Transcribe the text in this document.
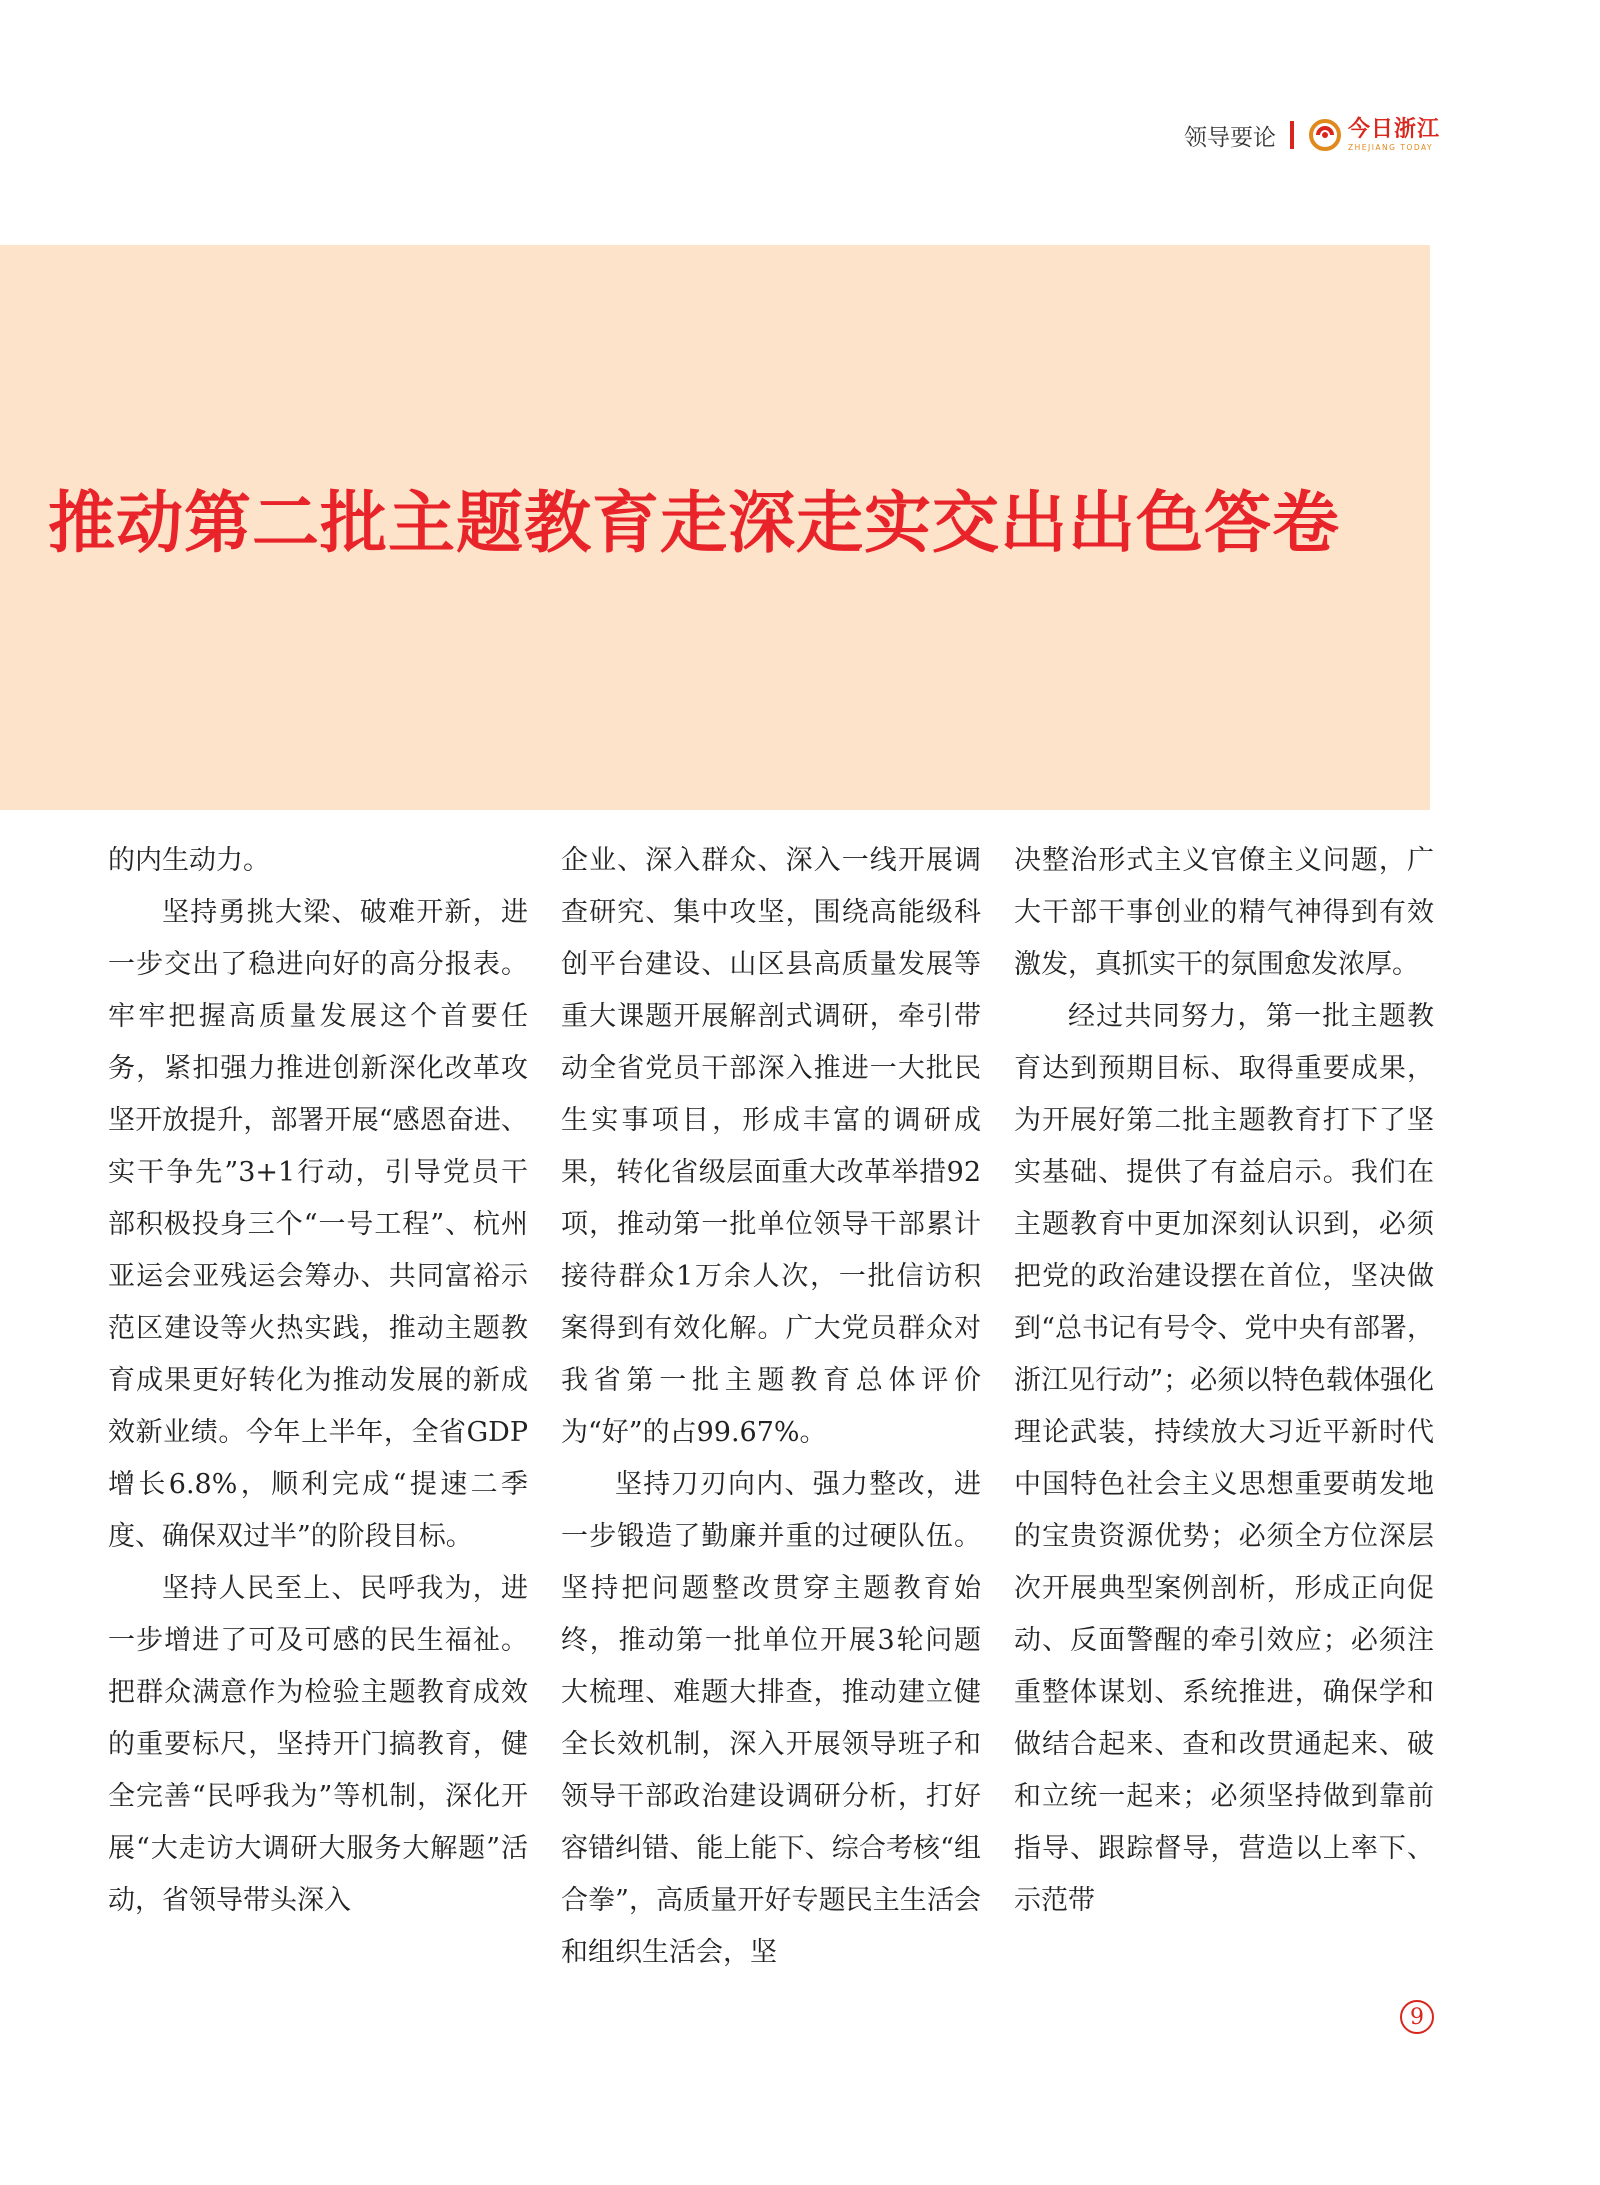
领导要论	今日浙江
ZHEJIANG TODAY
推动第二批主题教育走深走实交出出色答卷

的内生动力。

坚持勇挑大梁、破难开新，进一步交出了稳进向好的高分报表。牢牢把握高质量发展这个首要任务，紧扣强力推进创新深化改革攻坚开放提升，部署开展“感恩奋进、实干争先”3+1行动，引导党员干部积极投身三个“一号工程”、杭州亚运会亚残运会筹办、共同富裕示范区建设等火热实践，推动主题教育成果更好转化为推动发展的新成效新业绩。今年上半年，全省GDP增长6.8%，顺利完成“提速二季度、确保双过半”的阶段目标。

坚持人民至上、民呼我为，进一步增进了可及可感的民生福祉。把群众满意作为检验主题教育成效的重要标尺，坚持开门搞教育，健全完善“民呼我为”等机制，深化开展“大走访大调研大服务大解题”活动，省领导带头深入

企业、深入群众、深入一线开展调查研究、集中攻坚，围绕高能级科创平台建设、山区县高质量发展等重大课题开展解剖式调研，牵引带动全省党员干部深入推进一大批民生实事项目，形成丰富的调研成果，转化省级层面重大改革举措92项，推动第一批单位领导干部累计接待群众1万余人次，一批信访积案得到有效化解。广大党员群众对我省第一批主题教育总体评价为“好”的占99.67%。

坚持刀刃向内、强力整改，进一步锻造了勤廉并重的过硬队伍。坚持把问题整改贯穿主题教育始终，推动第一批单位开展3轮问题大梳理、难题大排查，推动建立健全长效机制，深入开展领导班子和领导干部政治建设调研分析，打好容错纠错、能上能下、综合考核“组合拳”，高质量开好专题民主生活会和组织生活会，坚

决整治形式主义官僚主义问题，广大干部干事创业的精气神得到有效激发，真抓实干的氛围愈发浓厚。

经过共同努力，第一批主题教育达到预期目标、取得重要成果，为开展好第二批主题教育打下了坚实基础、提供了有益启示。我们在主题教育中更加深刻认识到，必须把党的政治建设摆在首位，坚决做到“总书记有号令、党中央有部署，浙江见行动”；必须以特色载体强化理论武装，持续放大习近平新时代中国特色社会主义思想重要萌发地的宝贵资源优势；必须全方位深层次开展典型案例剖析，形成正向促动、反面警醒的牵引效应；必须注重整体谋划、系统推进，确保学和做结合起来、查和改贯通起来、破和立统一起来；必须坚持做到靠前指导、跟踪督导，营造以上率下、示范带

9
